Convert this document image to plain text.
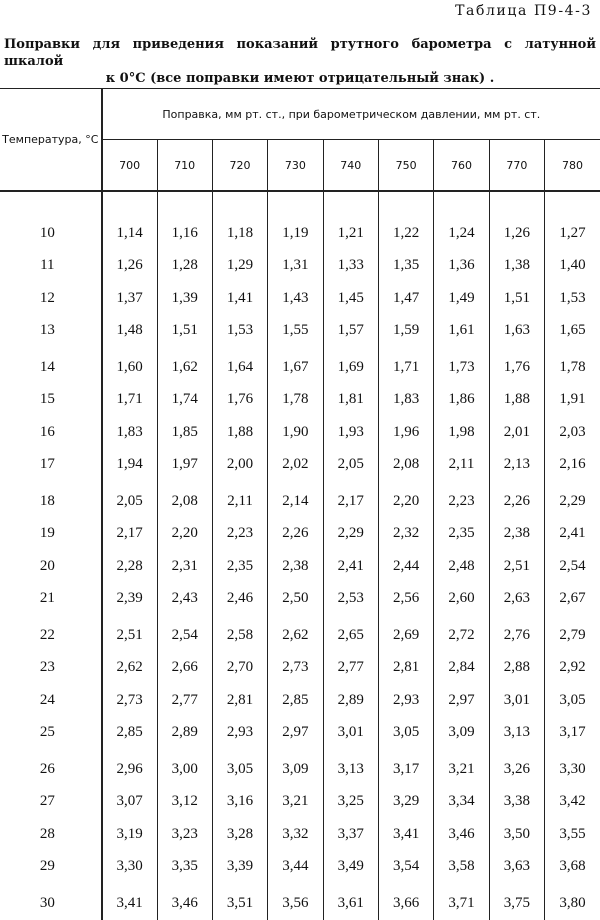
Таблица П9-4-3
Поправки для приведения показаний ртутного барометра с латунной шкалой
к 0°C (все поправки имеют отрицательный знак) .
Температура, °С	Поправка, мм рт. ст., при барометрическом давлении, мм рт. ст.								
	700	710	720	730	740	750	760	770	780

10	1,14	1,16	1,18	1,19	1,21	1,22	1,24	1,26	1,27
11	1,26	1,28	1,29	1,31	1,33	1,35	1,36	1,38	1,40
12	1,37	1,39	1,41	1,43	1,45	1,47	1,49	1,51	1,53
13	1,48	1,51	1,53	1,55	1,57	1,59	1,61	1,63	1,65
14	1,60	1,62	1,64	1,67	1,69	1,71	1,73	1,76	1,78
15	1,71	1,74	1,76	1,78	1,81	1,83	1,86	1,88	1,91
16	1,83	1,85	1,88	1,90	1,93	1,96	1,98	2,01	2,03
17	1,94	1,97	2,00	2,02	2,05	2,08	2,11	2,13	2,16
18	2,05	2,08	2,11	2,14	2,17	2,20	2,23	2,26	2,29
19	2,17	2,20	2,23	2,26	2,29	2,32	2,35	2,38	2,41
20	2,28	2,31	2,35	2,38	2,41	2,44	2,48	2,51	2,54
21	2,39	2,43	2,46	2,50	2,53	2,56	2,60	2,63	2,67
22	2,51	2,54	2,58	2,62	2,65	2,69	2,72	2,76	2,79
23	2,62	2,66	2,70	2,73	2,77	2,81	2,84	2,88	2,92
24	2,73	2,77	2,81	2,85	2,89	2,93	2,97	3,01	3,05
25	2,85	2,89	2,93	2,97	3,01	3,05	3,09	3,13	3,17
26	2,96	3,00	3,05	3,09	3,13	3,17	3,21	3,26	3,30
27	3,07	3,12	3,16	3,21	3,25	3,29	3,34	3,38	3,42
28	3,19	3,23	3,28	3,32	3,37	3,41	3,46	3,50	3,55
29	3,30	3,35	3,39	3,44	3,49	3,54	3,58	3,63	3,68
30	3,41	3,46	3,51	3,56	3,61	3,66	3,71	3,75	3,80
